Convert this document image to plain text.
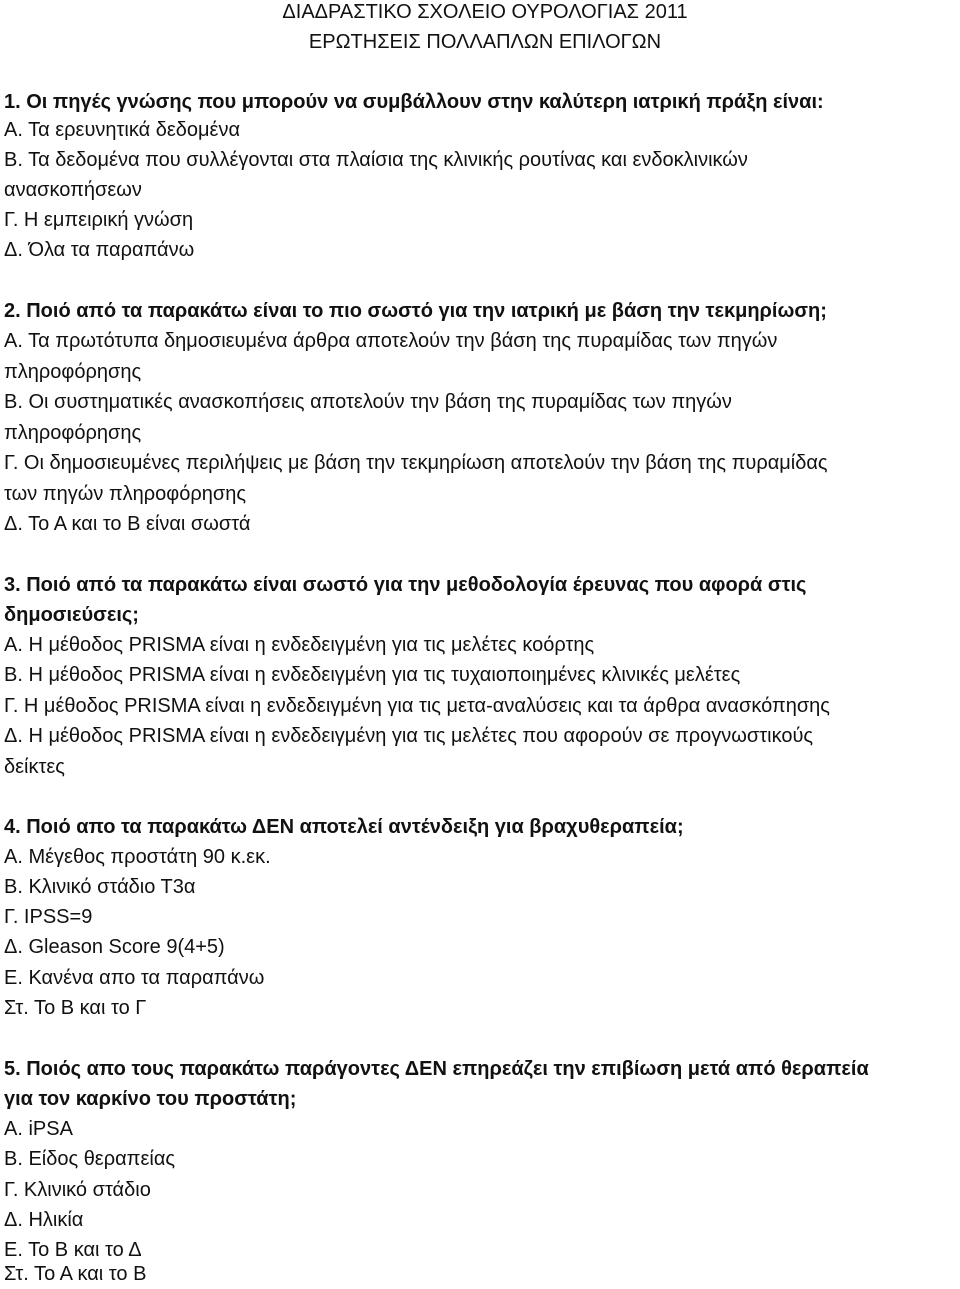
ΔΙΑΔΡΑΣΤΙΚΟ ΣΧΟΛΕΙΟ ΟΥΡΟΛΟΓΙΑΣ 2011
ΕΡΩΤΗΣΕΙΣ ΠΟΛΛΑΠΛΩΝ ΕΠΙΛΟΓΩΝ
1. Οι πηγές γνώσης που μπορούν να συμβάλλουν στην καλύτερη ιατρική πράξη είναι:
Α. Τα ερευνητικά δεδομένα
Β. Τα δεδομένα που συλλέγονται στα πλαίσια της κλινικής ρουτίνας και ενδοκλινικών
ανασκοπήσεων
Γ. Η εμπειρική γνώση
Δ. Όλα τα παραπάνω
2. Ποιό από τα παρακάτω είναι το πιο σωστό για την ιατρική με βάση την τεκμηρίωση;
Α. Τα πρωτότυπα δημοσιευμένα άρθρα αποτελούν την βάση της πυραμίδας των πηγών
πληροφόρησης
Β. Οι συστηματικές ανασκοπήσεις αποτελούν την βάση της πυραμίδας των πηγών
πληροφόρησης
Γ. Οι δημοσιευμένες περιλήψεις με βάση την τεκμηρίωση αποτελούν την βάση της πυραμίδας
των πηγών πληροφόρησης
Δ. Το Α και το Β είναι σωστά
3. Ποιό από τα παρακάτω είναι σωστό για την μεθοδολογία έρευνας που αφορά στις
δημοσιεύσεις;
Α. Η μέθοδος PRISMA είναι η ενδεδειγμένη για τις μελέτες κοόρτης
Β. Η μέθοδος PRISMA είναι η ενδεδειγμένη για τις τυχαιοποιημένες κλινικές μελέτες
Γ. Η μέθοδος PRISMA είναι η ενδεδειγμένη για τις μετα-αναλύσεις και τα άρθρα ανασκόπησης
Δ. Η μέθοδος PRISMA είναι η ενδεδειγμένη για τις μελέτες που αφορούν σε προγνωστικούς
δείκτες
4. Ποιό απο τα παρακάτω ΔΕΝ αποτελεί αντένδειξη για βραχυθεραπεία;
Α. Μέγεθος προστάτη 90 κ.εκ.
Β. Κλινικό στάδιο Τ3α
Γ. IPSS=9
Δ. Gleason Score 9(4+5)
Ε. Κανένα απο τα παραπάνω
Στ. Το Β και το Γ
5. Ποιός απο τους παρακάτω παράγοντες ΔΕΝ επηρεάζει την επιβίωση μετά από θεραπεία
για τον καρκίνο του προστάτη;
Α. iPSA
Β. Είδος θεραπείας
Γ. Κλινικό στάδιο
Δ. Ηλικία
Ε. Το Β και το Δ
Στ. Το Α και το Β
